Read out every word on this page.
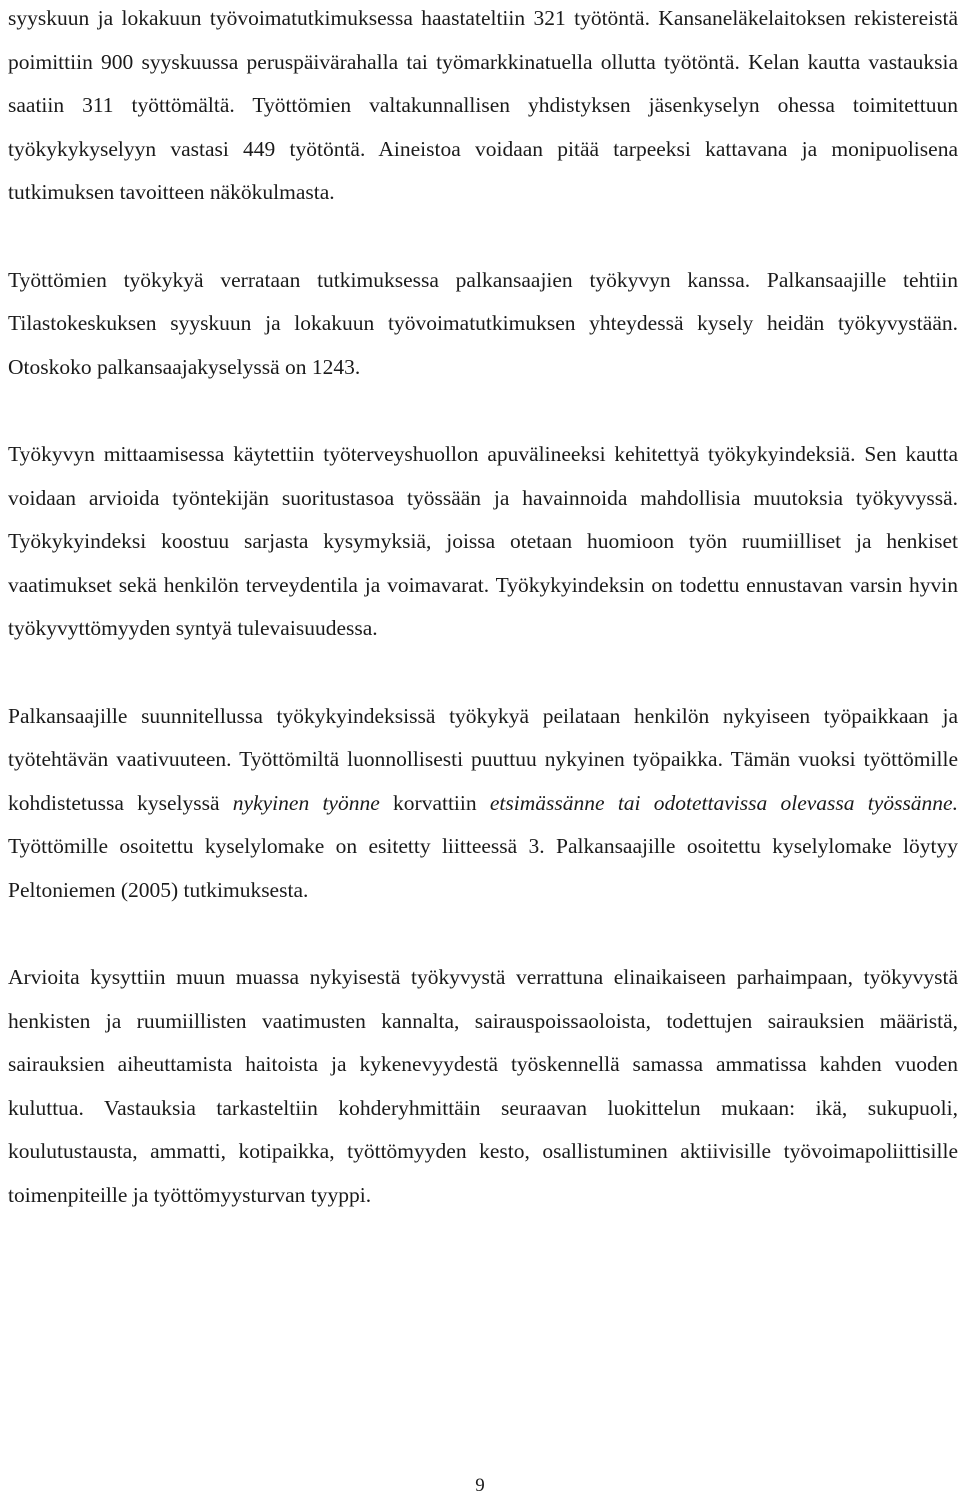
syyskuun ja lokakuun työvoimatutkimuksessa haastateltiin 321 työtöntä. Kansaneläkelaitoksen rekistereistä poimittiin 900 syyskuussa peruspäivärahalla tai työmarkkinatuella ollutta työtöntä. Kelan kautta vastauksia saatiin 311 työttömältä. Työttömien valtakunnallisen yhdistyksen jäsenkyselyn ohessa toimitettuun työkykykyselyyn vastasi 449 työtöntä. Aineistoa voidaan pitää tarpeeksi kattavana ja monipuolisena tutkimuksen tavoitteen näkökulmasta.

Työttömien työkykyä verrataan tutkimuksessa palkansaajien työkyvyn kanssa. Palkansaajille tehtiin Tilastokeskuksen syyskuun ja lokakuun työvoimatutkimuksen yhteydessä kysely heidän työkyvystään. Otoskoko palkansaajakyselyssä on 1243.

Työkyvyn mittaamisessa käytettiin työterveyshuollon apuvälineeksi kehitettyä työkykyindeksiä. Sen kautta voidaan arvioida työntekijän suoritustasoa työssään ja havainnoida mahdollisia muutoksia työkyvyssä. Työkykyindeksi koostuu sarjasta kysymyksiä, joissa otetaan huomioon työn ruumiilliset ja henkiset vaatimukset sekä henkilön terveydentila ja voimavarat. Työkykyindeksin on todettu ennustavan varsin hyvin työkyvyttömyyden syntyä tulevaisuudessa.

Palkansaajille suunnitellussa työkykyindeksissä työkykyä peilataan henkilön nykyiseen työpaikkaan ja työtehtävän vaativuuteen. Työttömiltä luonnollisesti puuttuu nykyinen työpaikka. Tämän vuoksi työttömille kohdistetussa kyselyssä nykyinen työnne korvattiin etsimässänne tai odotettavissa olevassa työssänne. Työttömille osoitettu kyselylomake on esitetty liitteessä 3. Palkansaajille osoitettu kyselylomake löytyy Peltoniemen (2005) tutkimuksesta.

Arvioita kysyttiin muun muassa nykyisestä työkyvystä verrattuna elinaikaiseen parhaimpaan, työkyvystä henkisten ja ruumiillisten vaatimusten kannalta, sairauspoissaoloista, todettujen sairauksien määristä, sairauksien aiheuttamista haitoista ja kykenevyydestä työskennellä samassa ammatissa kahden vuoden kuluttua. Vastauksia tarkasteltiin kohderyhmittäin seuraavan luokittelun mukaan: ikä, sukupuoli, koulutustausta, ammatti, kotipaikka, työttömyyden kesto, osallistuminen aktiivisille työvoimapoliittisille toimenpiteille ja työttömyysturvan tyyppi.

9
